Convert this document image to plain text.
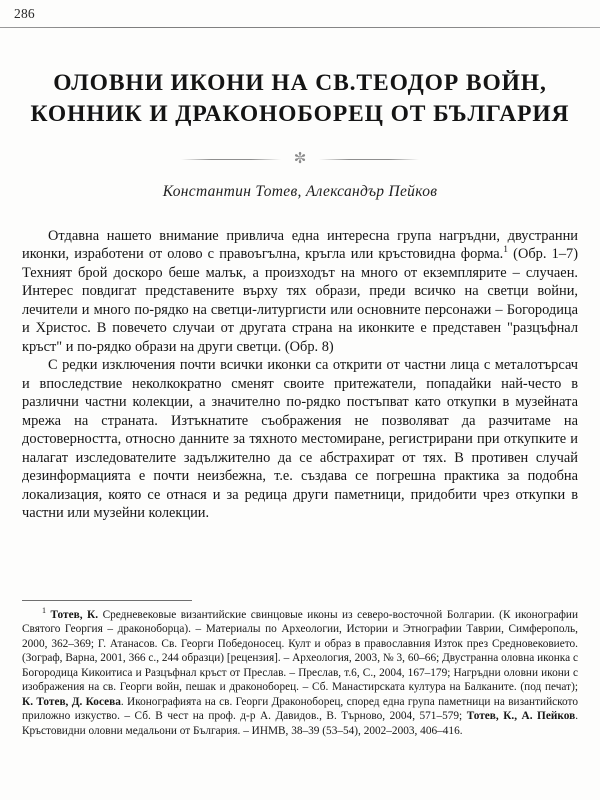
286
ОЛОВНИ ИКОНИ НА СВ.ТЕОДОР ВОЙН,
КОННИК И ДРАКОНОБОРЕЦ ОТ БЪЛГАРИЯ
✼
Константин Тотев, Александър Пейков

Отдавна нашето внимание привлича една интересна група нагръдни, двустранни иконки, изработени от олово с правоъгълна, кръгла или кръстовидна форма.$^1$ (Обр. 1–7) Техният брой доскоро беше малък, а произходът на много от екземплярите – случаен. Интерес повдигат представените върху тях образи, преди всичко на светци войни, лечители и много по-рядко на светци-литургисти или основните персонажи – Богородица и Христос. В повечето случаи от другата страна на иконките е представен "разцъфнал кръст" и по-рядко образи на други светци. (Обр. 8)

С редки изключения почти всички иконки са открити от частни лица с металотърсач и впоследствие неколкократно сменят своите притежатели, попадайки най-често в различни частни колекции, а значително по-рядко постъпват като откупки в музейната мрежа на страната. Изтъкнатите съображения не позволяват да разчитаме на достоверността, относно данните за тяхното местомиране, регистрирани при откупките и налагат изследователите задължително да се абстрахират от тях. В противен случай дезинформацията е почти неизбежна, т.е. създава се погрешна практика за подобна локализация, която се отнася и за редица други паметници, придобити чрез откупки в частни или музейни колекции.

$^1$ Тотев, К. Средневековые византийские свинцовые иконы из северо-восточной Болгарии. (К иконографии Святого Георгия – драконоборца). – Материалы по Археологии, Истории и Этнографии Таврии, Симферополь, 2000, 362–369; Г. Атанасов. Св. Георги Победоносец. Култ и образ в православния Изток през Средновековието. (Зограф, Варна, 2001, 366 с., 244 образци) [рецензия]. – Археология, 2003, № 3, 60–66; Двустранна оловна иконка с Богородица Кикоитиса и Разцъфнал кръст от Преслав. – Преслав, т.6, С., 2004, 167–179; Нагръдни оловни икони с изображения на св. Георги войн, пешак и драконоборец. – Сб. Манастирската култура на Балканите. (под печат); К. Тотев, Д. Косева. Иконографията на св. Георги Драконоборец, според една група паметници на византийското приложно изкуство. – Сб. В чест на проф. д-р А. Давидов., В. Търново, 2004, 571–579; Тотев, К., А. Пейков. Кръстовидни оловни медальони от България. – ИНМВ, 38–39 (53–54), 2002–2003, 406–416.
